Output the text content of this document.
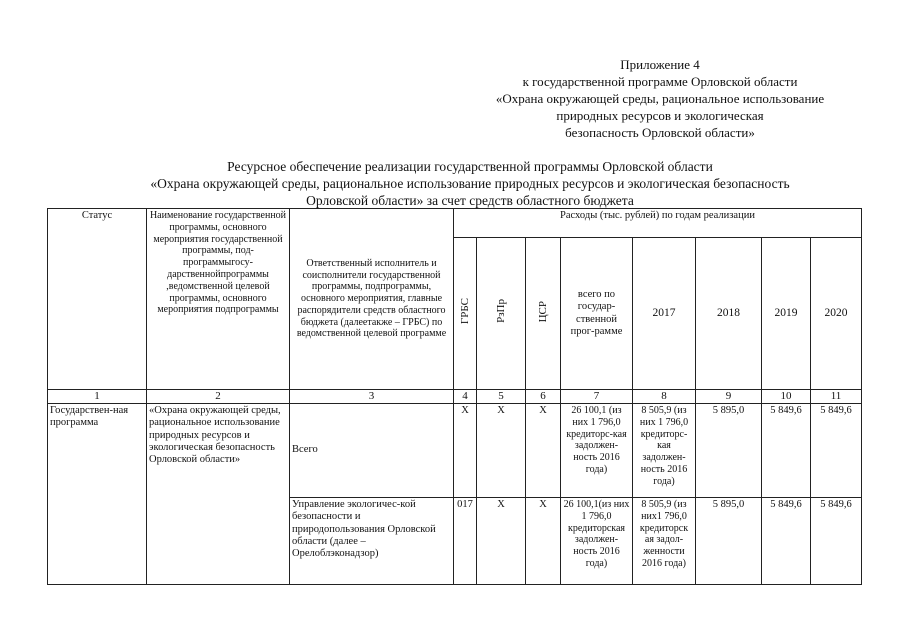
Приложение 4
к государственной программе Орловской области
«Охрана окружающей среды, рациональное использование
природных ресурсов и экологическая
безопасность Орловской области»
Ресурсное обеспечение реализации государственной программы Орловской области
«Охрана окружающей среды, рациональное использование природных ресурсов и экологическая безопасность
Орловской области» за счет средств областного бюджета
Статус	Наименование государственной программы, основного мероприятия государственной программы, под-программыгосу-дарственнойпрограммы ,ведомственной целевой программы, основного мероприятия подпрограммы	Ответственный исполнитель и соисполнители государственной программы, подпрограммы, основного мероприятия, главные распорядители средств областного бюджета (далеетакже – ГРБС) по ведомственной целевой программе	Расходы (тыс. рублей) по годам реализации							
			ГРБС	РзПр	ЦСР	всего по государ-ственной прог-рамме	2017	2018	2019	2020
1	2	3	4	5	6	7	8	9	10	11
Государствен-ная программа	«Охрана окружающей среды, рациональное использование природных ресурсов и экологическая безопасность Орловской области»	Всего	Х	Х	Х	26 100,1 (из них 1 796,0 кредиторс-кая задолжен-ность 2016 года)	8 505,9 (из них 1 796,0 кредиторс-кая задолжен-ность 2016 года)	5 895,0	5 849,6	5 849,6
		Управление экологичес-кой безопасности и природопользования Орловской области (далее – Орелоблэконадзор)	017	Х	Х	26 100,1(из них 1 796,0 кредиторская задолжен-ность 2016 года)	8 505,9 (из них1 796,0 кредиторск ая задол-женности 2016 года)	5 895,0	5 849,6	5 849,6
